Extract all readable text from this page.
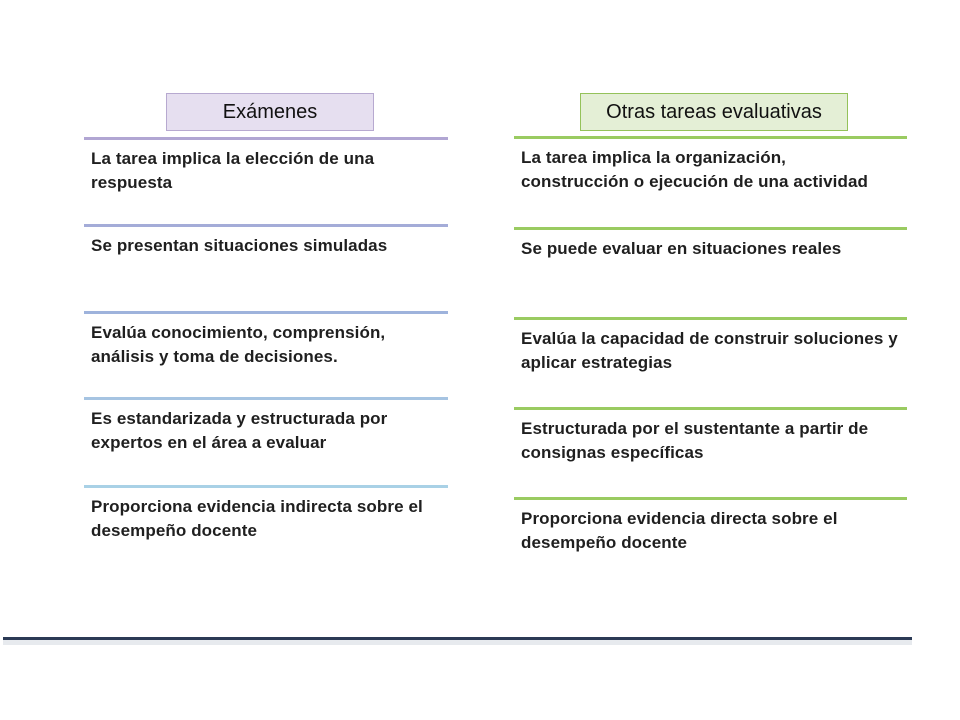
Exámenes	Otras tareas evaluativas
La tarea implica la elección de una respuesta
Se presentan situaciones simuladas
Evalúa conocimiento, comprensión, análisis y toma de decisiones.
Es estandarizada y estructurada por expertos en el área a evaluar
Proporciona evidencia indirecta sobre el desempeño docente
La tarea implica la organización, construcción o ejecución de una actividad
Se puede evaluar en situaciones reales
Evalúa la capacidad de construir soluciones y aplicar estrategias
Estructurada por el sustentante a partir de consignas específicas
Proporciona evidencia directa sobre el desempeño docente
